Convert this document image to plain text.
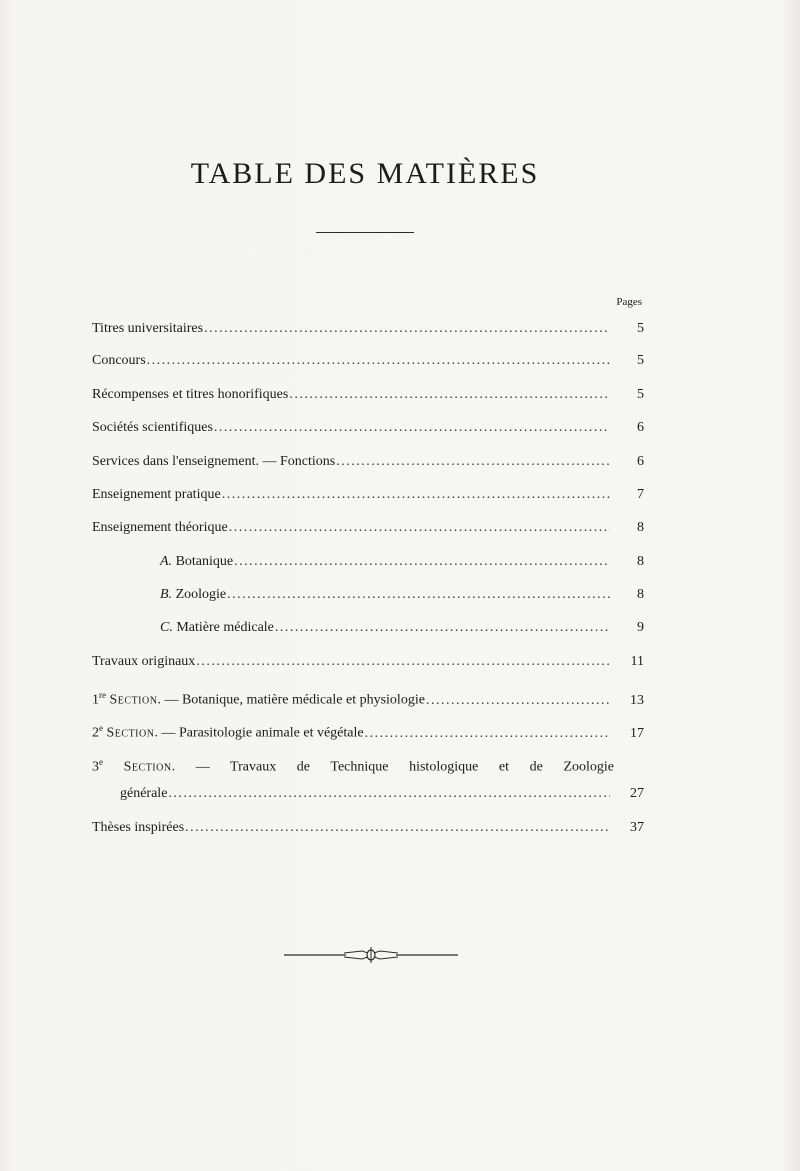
TABLE DES MATIÈRES
Pages
Titres universitaires .....	5
Concours .....	5
Récompenses et titres honorifiques .....	5
Sociétés scientifiques .....	6
Services dans l'enseignement. — Fonctions .....	6
Enseignement pratique .....	7
Enseignement théorique .....	8
A. Botanique .....	8
B. Zoologie .....	8
C. Matière médicale .....	9
Travaux originaux .....	11
1re Section. — Botanique, matière médicale et physiologie .....	13
2e Section. — Parasitologie animale et végétale .....	17
3e Section. — Travaux de Technique histologique et de Zoologie
générale .....	27
Thèses inspirées .....	37
